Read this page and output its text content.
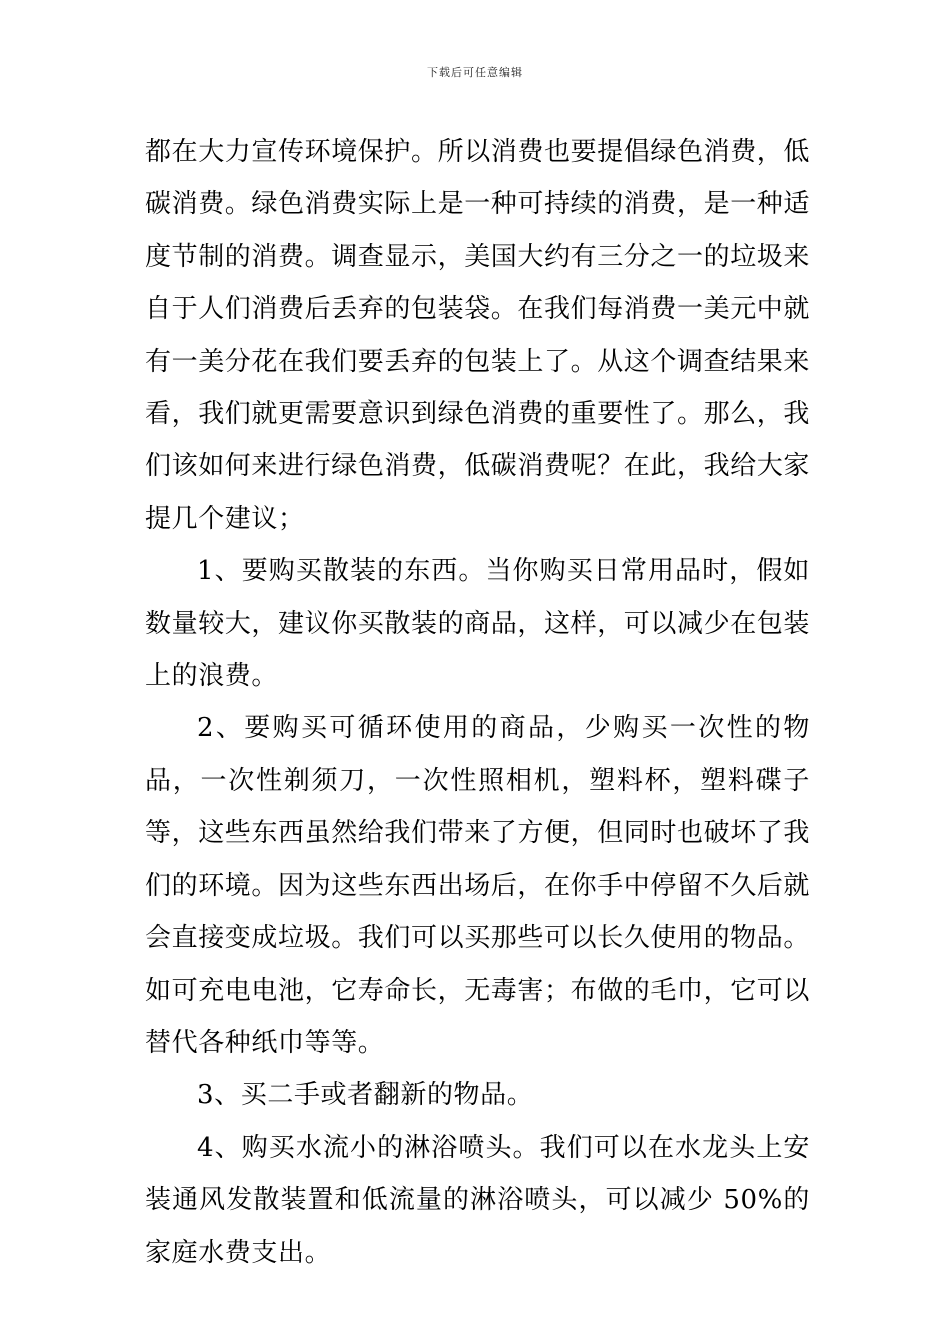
下载后可任意编辑

都在大力宣传环境保护。所以消费也要提倡绿色消费，低碳消费。绿色消费实际上是一种可持续的消费，是一种适度节制的消费。调查显示，美国大约有三分之一的垃圾来自于人们消费后丢弃的包装袋。在我们每消费一美元中就有一美分花在我们要丢弃的包装上了。从这个调查结果来看，我们就更需要意识到绿色消费的重要性了。那么，我们该如何来进行绿色消费，低碳消费呢？在此，我给大家提几个建议；

1、要购买散装的东西。当你购买日常用品时，假如数量较大，建议你买散装的商品，这样，可以减少在包装上的浪费。

2、要购买可循环使用的商品，少购买一次性的物品，一次性剃须刀，一次性照相机，塑料杯，塑料碟子等，这些东西虽然给我们带来了方便，但同时也破坏了我们的环境。因为这些东西出场后，在你手中停留不久后就会直接变成垃圾。我们可以买那些可以长久使用的物品。如可充电电池，它寿命长，无毒害；布做的毛巾，它可以替代各种纸巾等等。

3、买二手或者翻新的物品。

4、购买水流小的淋浴喷头。我们可以在水龙头上安装通风发散装置和低流量的淋浴喷头，可以减少 50%的家庭水费支出。
